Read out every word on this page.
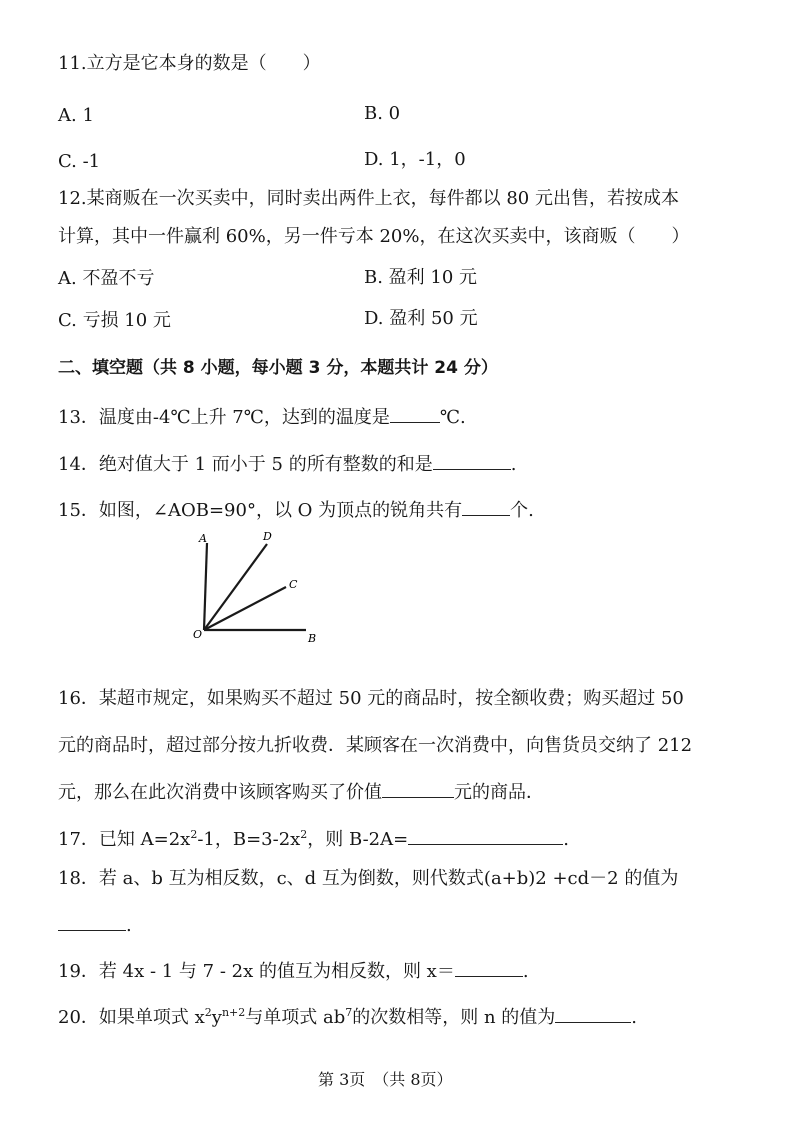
11.立方是它本身的数是（　　）
A. 1	B. 0
C. -1	D. 1，-1，0
12.某商贩在一次买卖中，同时卖出两件上衣，每件都以 80 元出售，若按成本
计算，其中一件赢利 60%，另一件亏本 20%，在这次买卖中，该商贩（　　）
A. 不盈不亏	B. 盈利 10 元
C. 亏损 10 元	D. 盈利 50 元
二、填空题（共 8 小题，每小题 3 分，本题共计 24 分）
13．温度由-4℃上升 7℃，达到的温度是	℃.
14．绝对值大于 1 而小于 5 的所有整数的和是	.
15．如图，∠AOB=90°，以 O 为顶点的锐角共有	个.
A	D
C
O	B
16．某超市规定，如果购买不超过 50 元的商品时，按全额收费；购买超过 50
元的商品时，超过部分按九折收费．某顾客在一次消费中，向售货员交纳了 212
元，那么在此次消费中该顾客购买了价值	元的商品．
17．已知 $A=2x^2-1$，$B=3-2x^2$，则 B-2A=	.
18．若 a、b 互为相反数，c、d 互为倒数，则代数式(a+b)2 +cd－2 的值为
.
19．若 4x - 1 与 7 - 2x 的值互为相反数，则 x＝	.
20．如果单项式 $x^2y^{n+2}$与单项式 $ab^7$的次数相等，则 n 的值为	.
第 3页　（共 8页）
